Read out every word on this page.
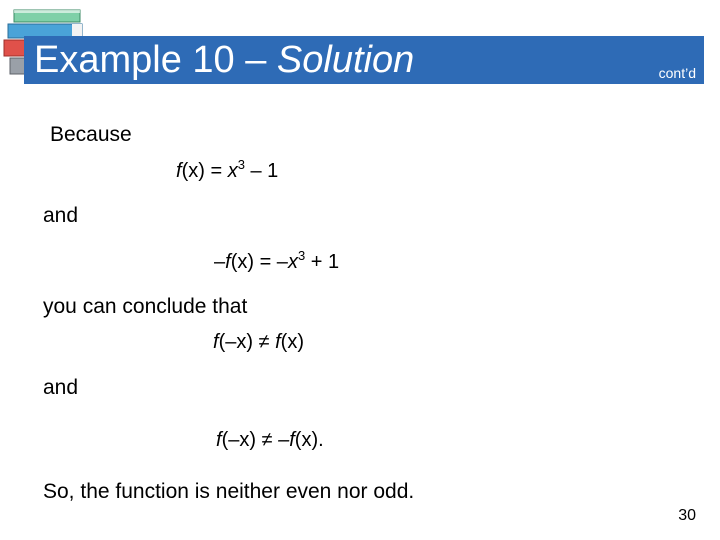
Example 10 – Solution	cont’d
Because
$f(x) = x^3 - 1$
and
$-f(x) = -x^3 + 1$
you can conclude that
f(–x) ≠ f(x)
and
f(–x) ≠ –f(x).
So, the function is neither even nor odd.
30
